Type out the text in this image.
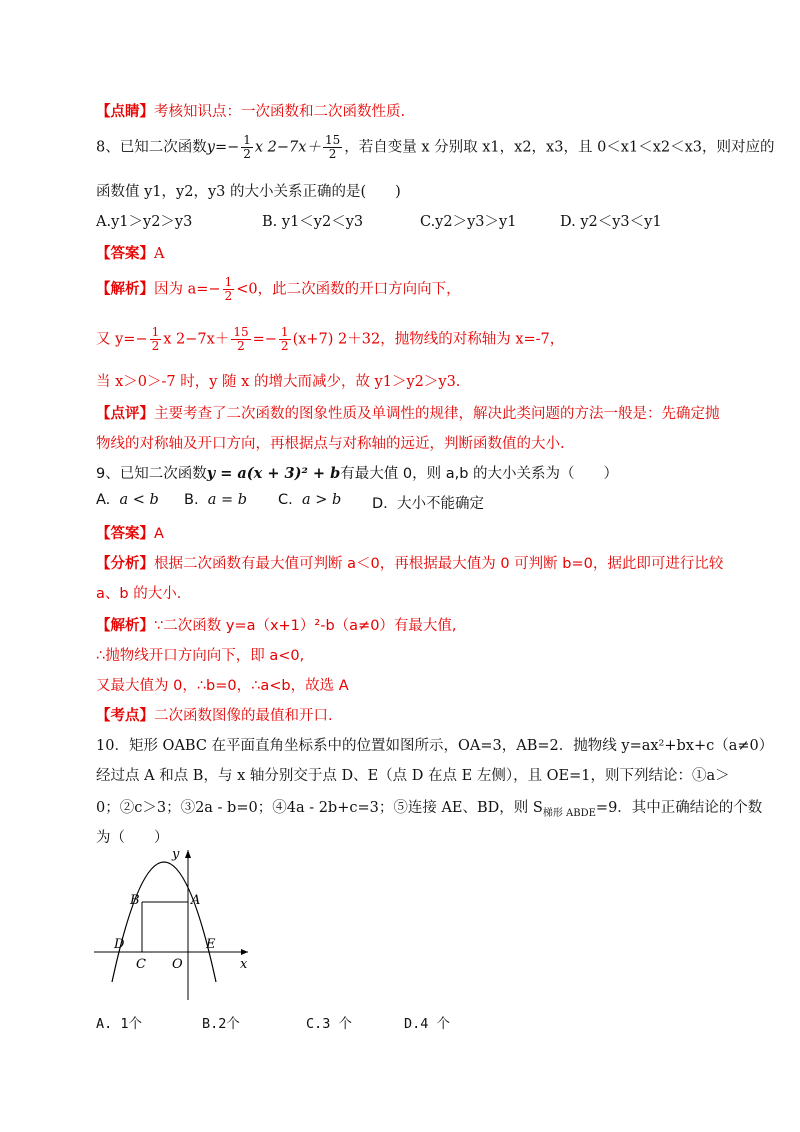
【点睛】考核知识点：一次函数和二次函数性质.
8、已知二次函数$y=- \frac{1}{2}$ x $2-7x+ \frac{15}{2}$ ，若自变量 x 分别取 x1，x2，x3，且 0＜x1＜x2＜x3，则对应的
函数值 y1，y2，y3 的大小关系正确的是(　　)
A.y1＞y2＞y3	B. y1＜y2＜y3	C.y2＞y3＞y1	D. y2＜y3＜y1
【答案】A
【解析】因为 $a=- \frac{1}{2} <0$，此二次函数的开口方向向下，
又 $y=- \frac{1}{2}$ x $2-7x+ \frac{15}{2} =- \frac{1}{2} (x+7)$ 2＋32，抛物线的对称轴为 x=-7，
当 x＞0＞-7 时，y 随 x 的增大而减少，故 y1＞y2＞y3.
【点评】主要考查了二次函数的图象性质及单调性的规律，解决此类问题的方法一般是：先确定抛
物线的对称轴及开口方向，再根据点与对称轴的远近，判断函数值的大小.
9、已知二次函数y = a(x + 3)² + b有最大值 0，则 a,b 的大小关系为（　　）
A. a < b B. a = b C. a > b D. 大小不能确定
【答案】A
【分析】根据二次函数有最大值可判断 a＜0，再根据最大值为 0 可判断 b=0，据此即可进行比较
a、b 的大小.
【解析】∵二次函数 y=a（x+1）²-b（a≠0）有最大值,
∴抛物线开口方向向下，即 a<0,
又最大值为 0，∴b=0，∴a<b，故选 A
【考点】二次函数图像的最值和开口.
10．矩形 OABC 在平面直角坐标系中的位置如图所示，OA=3，AB=2．抛物线 y=ax²+bx+c（a≠0）
经过点 A 和点 B，与 x 轴分别交于点 D、E（点 D 在点 E 左侧），且 OE=1，则下列结论：①a＞
0；②c＞3；③2a - b=0；④4a - 2b+c=3；⑤连接 AE、BD，则 $S_{梯形 ABDE}=9$．其中正确结论的个数
为（　　）
y
x
A
B
C O
D	E
A. 1个	B.2个	C.3 个	D.4 个
